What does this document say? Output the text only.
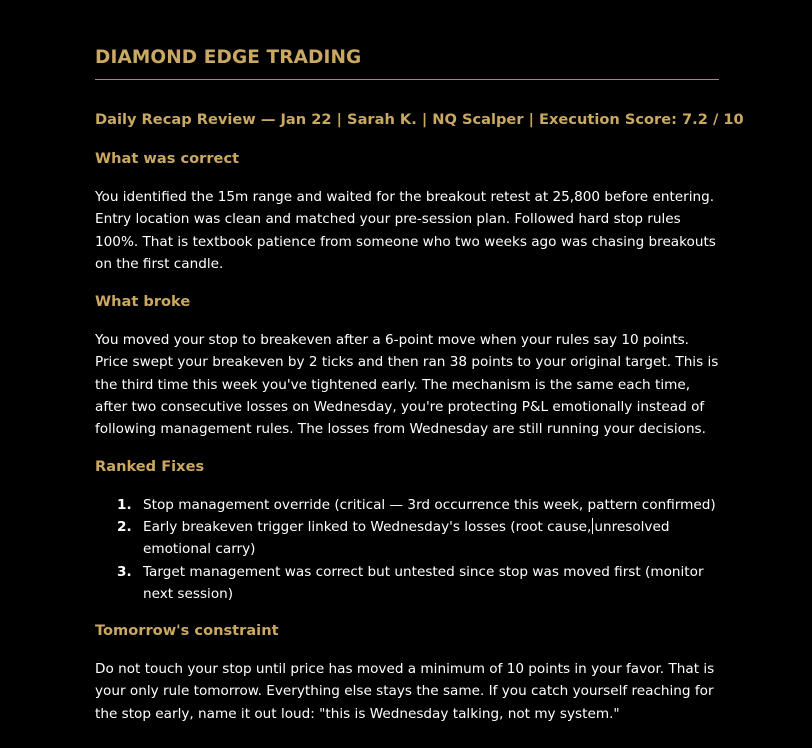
DIAMOND EDGE TRADING
Daily Recap Review — Jan 22 | Sarah K. | NQ Scalper | Execution Score: 7.2 / 10
What was correct

You identified the 15m range and waited for the breakout retest at 25,800 before entering. Entry location was clean and matched your pre-session plan. Followed hard stop rules 100%. That is textbook patience from someone who two weeks ago was chasing breakouts on the first candle.

What broke

You moved your stop to breakeven after a 6-point move when your rules say 10 points. Price swept your breakeven by 2 ticks and then ran 38 points to your original target. This is the third time this week you've tightened early. The mechanism is the same each time, after two consecutive losses on Wednesday, you're protecting P&L emotionally instead of following management rules. The losses from Wednesday are still running your decisions.

Ranked Fixes
1. Stop management override (critical — 3rd occurrence this week, pattern confirmed)
2. Early breakeven trigger linked to Wednesday's losses (root cause, unresolved emotional carry)
3. Target management was correct but untested since stop was moved first (monitor next session)
Tomorrow's constraint

Do not touch your stop until price has moved a minimum of 10 points in your favor. That is your only rule tomorrow. Everything else stays the same. If you catch yourself reaching for the stop early, name it out loud: "this is Wednesday talking, not my system."
